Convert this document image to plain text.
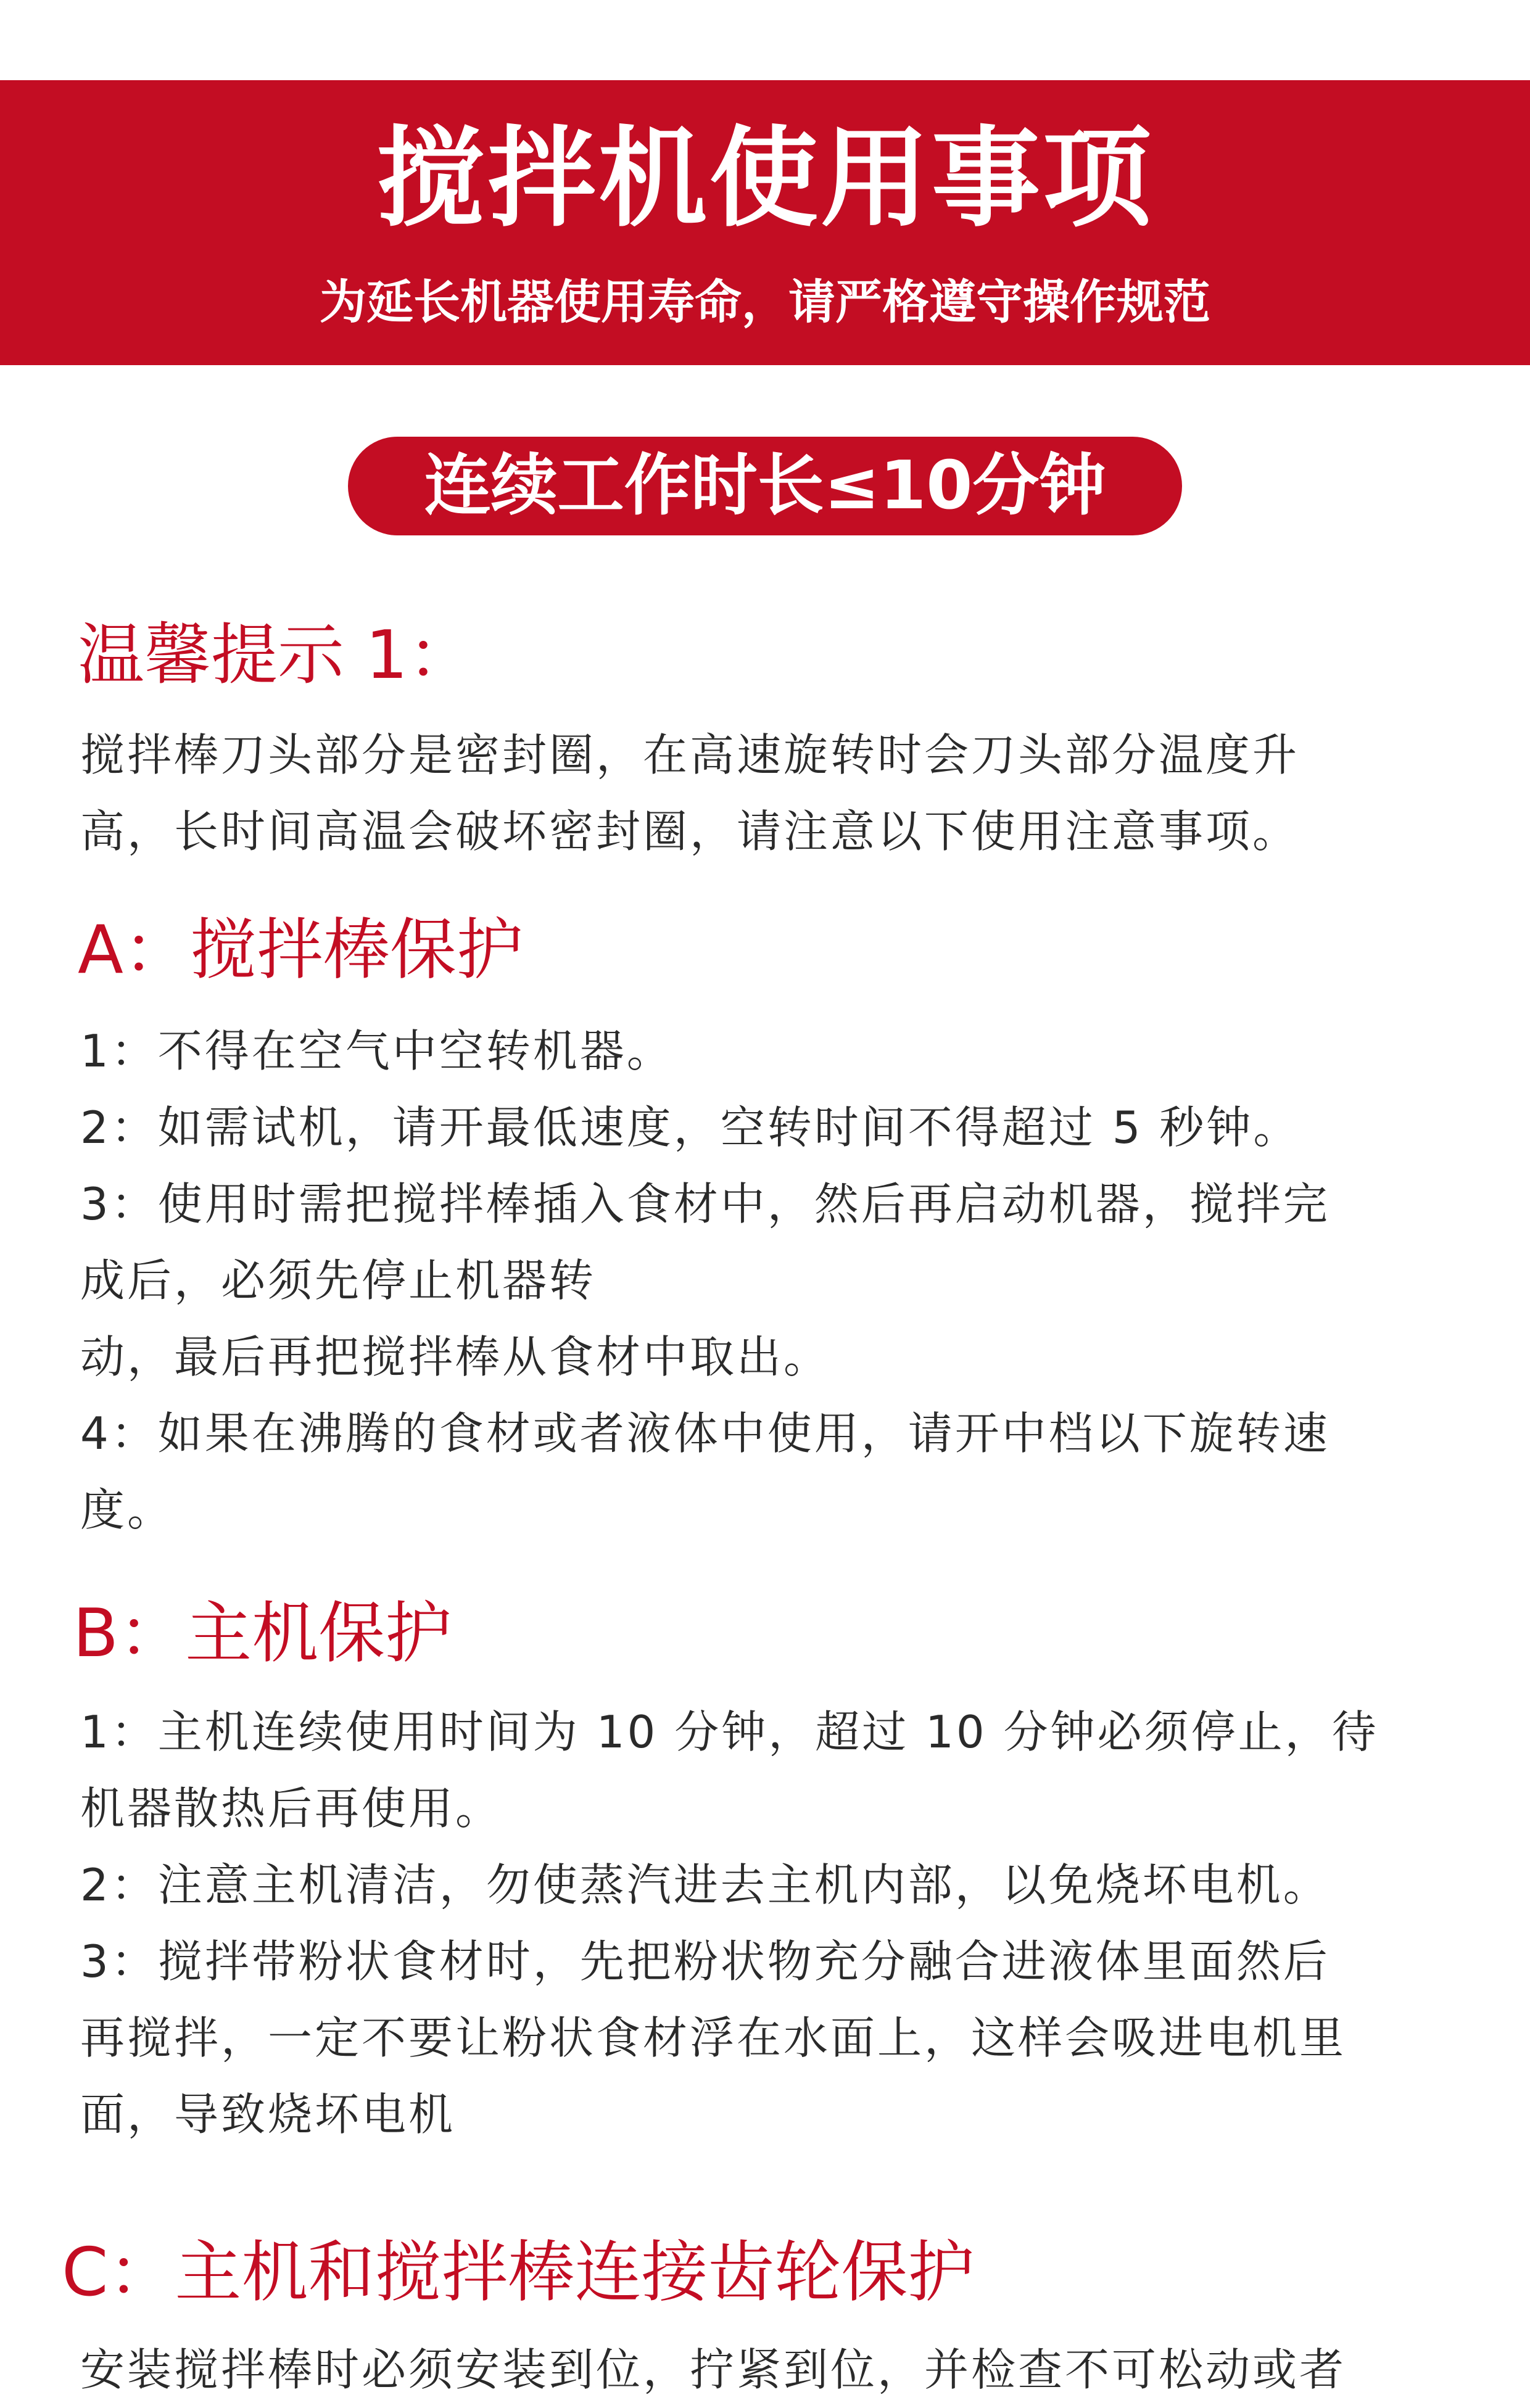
搅拌机使用事项
为延长机器使用寿命，请严格遵守操作规范
连续工作时长≤10分钟
温馨提示 1：
搅拌棒刀头部分是密封圈，在高速旋转时会刀头部分温度升
高，长时间高温会破坏密封圈，请注意以下使用注意事项。
A：搅拌棒保护
1：不得在空气中空转机器。
2：如需试机，请开最低速度，空转时间不得超过 5 秒钟。
3：使用时需把搅拌棒插入食材中，然后再启动机器，搅拌完
成后，必须先停止机器转
动，最后再把搅拌棒从食材中取出。
4：如果在沸腾的食材或者液体中使用，请开中档以下旋转速
度。
B：主机保护
1：主机连续使用时间为 10 分钟，超过 10 分钟必须停止，待
机器散热后再使用。
2：注意主机清洁，勿使蒸汽进去主机内部，以免烧坏电机。
3：搅拌带粉状食材时，先把粉状物充分融合进液体里面然后
再搅拌，一定不要让粉状食材浮在水面上，这样会吸进电机里
面，导致烧坏电机
C：主机和搅拌棒连接齿轮保护
安装搅拌棒时必须安装到位，拧紧到位，并检查不可松动或者
